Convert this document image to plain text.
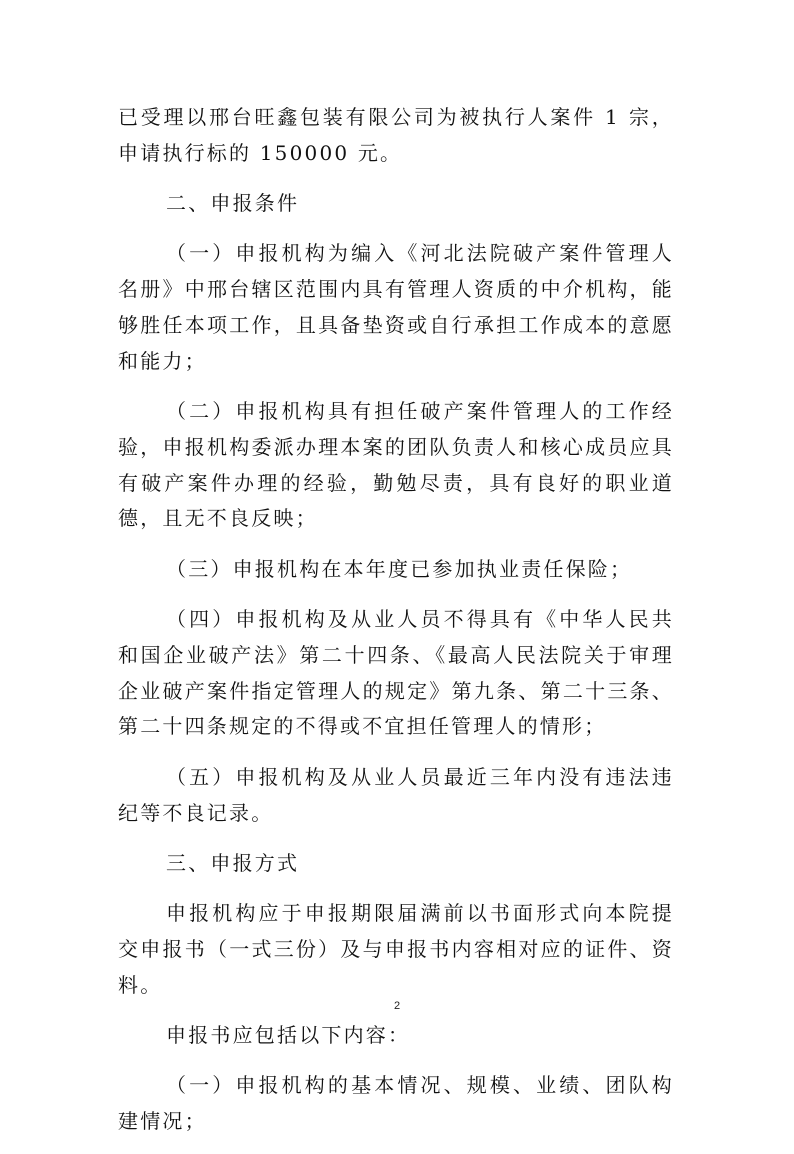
已受理以邢台旺鑫包装有限公司为被执行人案件 1 宗，申请执行标的 150000 元。

二、申报条件

（一）申报机构为编入《河北法院破产案件管理人名册》中邢台辖区范围内具有管理人资质的中介机构，能够胜任本项工作，且具备垫资或自行承担工作成本的意愿和能力；

（二）申报机构具有担任破产案件管理人的工作经验，申报机构委派办理本案的团队负责人和核心成员应具有破产案件办理的经验，勤勉尽责，具有良好的职业道德，且无不良反映；

（三）申报机构在本年度已参加执业责任保险；

（四）申报机构及从业人员不得具有《中华人民共和国企业破产法》第二十四条、《最高人民法院关于审理企业破产案件指定管理人的规定》第九条、第二十三条、第二十四条规定的不得或不宜担任管理人的情形；

（五）申报机构及从业人员最近三年内没有违法违纪等不良记录。

三、申报方式

申报机构应于申报期限届满前以书面形式向本院提交申报书（一式三份）及与申报书内容相对应的证件、资料。

申报书应包括以下内容：

（一）申报机构的基本情况、规模、业绩、团队构建情况；

2
